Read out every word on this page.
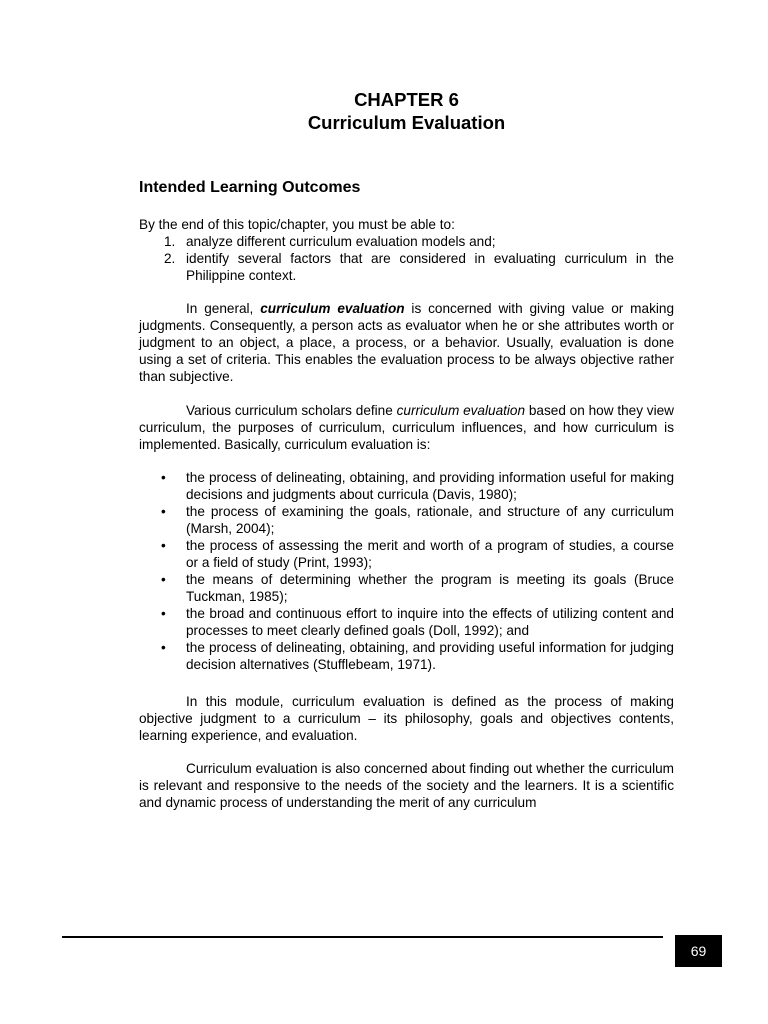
CHAPTER 6
Curriculum Evaluation
Intended Learning Outcomes
By the end of this topic/chapter, you must be able to:
1. analyze different curriculum evaluation models and;
2. identify several factors that are considered in evaluating curriculum in the Philippine context.
In general, curriculum evaluation is concerned with giving value or making judgments. Consequently, a person acts as evaluator when he or she attributes worth or judgment to an object, a place, a process, or a behavior. Usually, evaluation is done using a set of criteria. This enables the evaluation process to be always objective rather than subjective.
Various curriculum scholars define curriculum evaluation based on how they view curriculum, the purposes of curriculum, curriculum influences, and how curriculum is implemented. Basically, curriculum evaluation is:
•	the process of delineating, obtaining, and providing information useful for making decisions and judgments about curricula (Davis, 1980);
•	the process of examining the goals, rationale, and structure of any curriculum (Marsh, 2004);
•	the process of assessing the merit and worth of a program of studies, a course or a field of study (Print, 1993);
•	the means of determining whether the program is meeting its goals (Bruce Tuckman, 1985);
•	the broad and continuous effort to inquire into the effects of utilizing content and processes to meet clearly defined goals (Doll, 1992); and
•	the process of delineating, obtaining, and providing useful information for judging decision alternatives (Stufflebeam, 1971).
In this module, curriculum evaluation is defined as the process of making objective judgment to a curriculum – its philosophy, goals and objectives contents, learning experience, and evaluation.
Curriculum evaluation is also concerned about finding out whether the curriculum is relevant and responsive to the needs of the society and the learners. It is a scientific and dynamic process of understanding the merit of any curriculum
69
